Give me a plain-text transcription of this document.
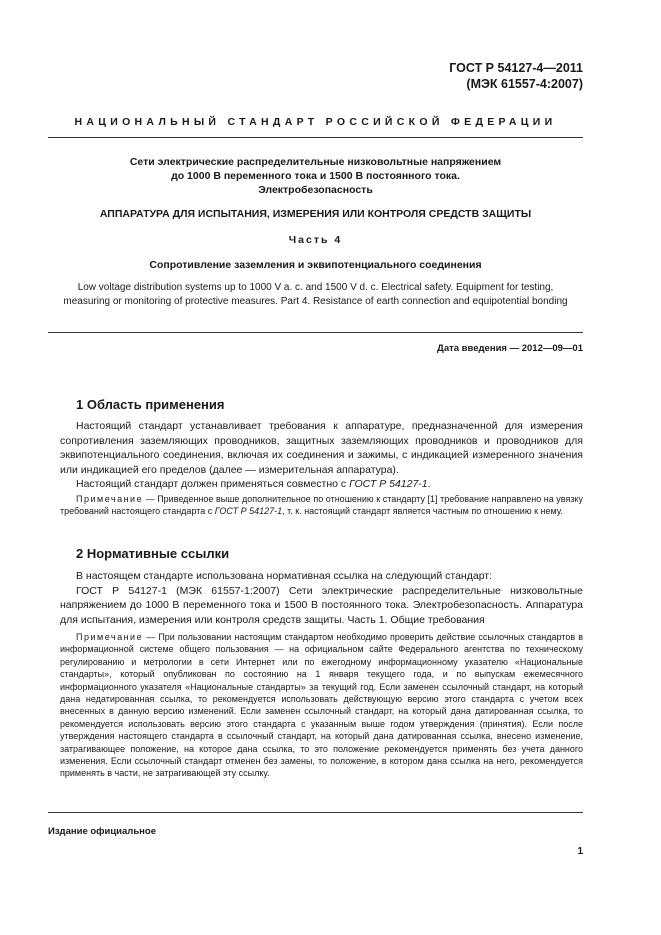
ГОСТ Р 54127-4—2011
(МЭК 61557-4:2007)
НАЦИОНАЛЬНЫЙ СТАНДАРТ РОССИЙСКОЙ ФЕДЕРАЦИИ
Сети электрические распределительные низковольтные напряжением
до 1000 В переменного тока и 1500 В постоянного тока.
Электробезопасность
АППАРАТУРА ДЛЯ ИСПЫТАНИЯ, ИЗМЕРЕНИЯ ИЛИ КОНТРОЛЯ СРЕДСТВ ЗАЩИТЫ
Часть 4
Сопротивление заземления и эквипотенциального соединения
Low voltage distribution systems up to 1000 V a. c. and 1500 V d. c. Electrical safety. Equipment for testing,
measuring or monitoring of protective measures. Part 4. Resistance of earth connection and equipotential bonding
Дата введения — 2012—09—01
1 Область применения
Настоящий стандарт устанавливает требования к аппаратуре, предназначенной для измерения сопротивления заземляющих проводников, защитных заземляющих проводников и проводников для эквипотенциального соединения, включая их соединения и зажимы, с индикацией измеренного значения или индикацией его пределов (далее — измерительная аппаратура).
Настоящий стандарт должен применяться совместно с ГОСТ Р 54127-1.
Примечание — Приведенное выше дополнительное по отношению к стандарту [1] требование направлено на увязку требований настоящего стандарта с ГОСТ Р 54127-1, т. к. настоящий стандарт является частным по отношению к нему.
2 Нормативные ссылки
В настоящем стандарте использована нормативная ссылка на следующий стандарт:
ГОСТ Р 54127-1 (МЭК 61557-1:2007) Сети электрические распределительные низковольтные напряжением до 1000 В переменного тока и 1500 В постоянного тока. Электробезопасность. Аппаратура для испытания, измерения или контроля средств защиты. Часть 1. Общие требования
Примечание — При пользовании настоящим стандартом необходимо проверить действие ссылочных стандартов в информационной системе общего пользования — на официальном сайте Федерального агентства по техническому регулированию и метрологии в сети Интернет или по ежегодному информационному указателю «Национальные стандарты», который опубликован по состоянию на 1 января текущего года, и по выпускам ежемесячного информационного указателя «Национальные стандарты» за текущий год. Если заменен ссылочный стандарт, на который дана недатированная ссылка, то рекомендуется использовать действующую версию этого стандарта с учетом всех внесенных в данную версию изменений. Если заменен ссылочный стандарт, на который дана датированная ссылка, то рекомендуется использовать версию этого стандарта с указанным выше годом утверждения (принятия). Если после утверждения настоящего стандарта в ссылочный стандарт, на который дана датированная ссылка, внесено изменение, затрагивающее положение, на которое дана ссылка, то это положение рекомендуется применять без учета данного изменения. Если ссылочный стандарт отменен без замены, то положение, в котором дана ссылка на него, рекомендуется применять в части, не затрагивающей эту ссылку.
Издание официальное
1
